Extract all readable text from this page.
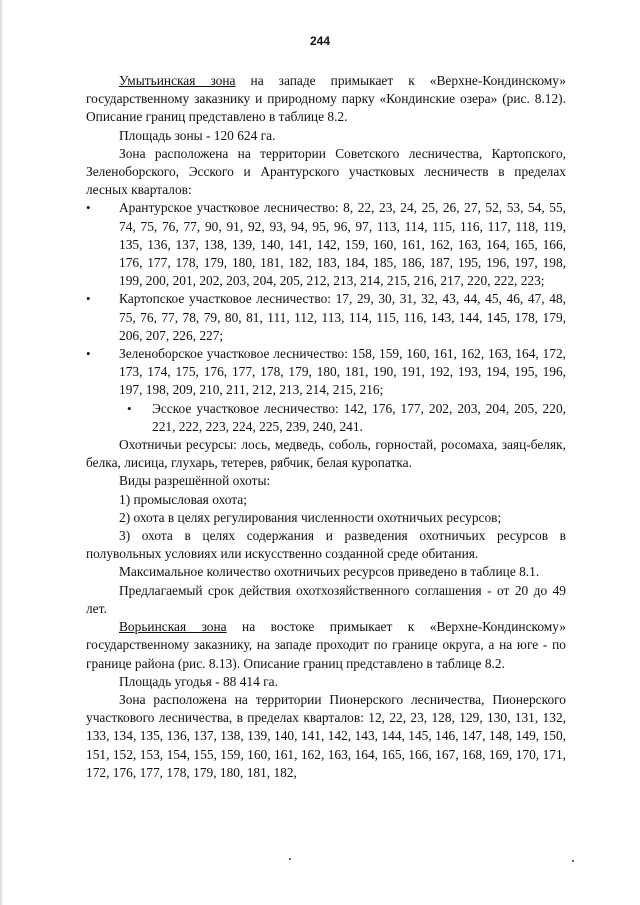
244

Умытьинская зона на западе примыкает к «Верхне-Кондинскому» государственному заказнику и природному парку «Кондинские озера» (рис. 8.12). Описание границ представлено в таблице 8.2.

Площадь зоны - 120 624 га.

Зона расположена на территории Советского лесничества, Картопского, Зеленоборского, Эсского и Арантурского участковых лесничеств в пределах лесных кварталов:

• Арантурское участковое лесничество: 8, 22, 23, 24, 25, 26, 27, 52, 53, 54, 55, 74, 75, 76, 77, 90, 91, 92, 93, 94, 95, 96, 97, 113, 114, 115, 116, 117, 118, 119, 135, 136, 137, 138, 139, 140, 141, 142, 159, 160, 161, 162, 163, 164, 165, 166, 176, 177, 178, 179, 180, 181, 182, 183, 184, 185, 186, 187, 195, 196, 197, 198, 199, 200, 201, 202, 203, 204, 205, 212, 213, 214, 215, 216, 217, 220, 222, 223;
• Картопское участковое лесничество: 17, 29, 30, 31, 32, 43, 44, 45, 46, 47, 48, 75, 76, 77, 78, 79, 80, 81, 111, 112, 113, 114, 115, 116, 143, 144, 145, 178, 179, 206, 207, 226, 227;
• Зеленоборское участковое лесничество: 158, 159, 160, 161, 162, 163, 164, 172, 173, 174, 175, 176, 177, 178, 179, 180, 181, 190, 191, 192, 193, 194, 195, 196, 197, 198, 209, 210, 211, 212, 213, 214, 215, 216;
• Эсское участковое лесничество: 142, 176, 177, 202, 203, 204, 205, 220, 221, 222, 223, 224, 225, 239, 240, 241.

Охотничьи ресурсы: лось, медведь, соболь, горностай, росомаха, заяц-беляк, белка, лисица, глухарь, тетерев, рябчик, белая куропатка.

Виды разрешённой охоты:

1) промысловая охота;

2) охота в целях регулирования численности охотничьих ресурсов;

3) охота в целях содержания и разведения охотничьих ресурсов в полувольных условиях или искусственно созданной среде обитания.

Максимальное количество охотничьих ресурсов приведено в таблице 8.1.

Предлагаемый срок действия охотхозяйственного соглашения - от 20 до 49 лет.

Ворьинская зона на востоке примыкает к «Верхне-Кондинскому» государственному заказнику, на западе проходит по границе округа, а на юге - по границе района (рис. 8.13). Описание границ представлено в таблице 8.2.

Площадь угодья - 88 414 га.

Зона расположена на территории Пионерского лесничества, Пионерского участкового лесничества, в пределах кварталов: 12, 22, 23, 128, 129, 130, 131, 132, 133, 134, 135, 136, 137, 138, 139, 140, 141, 142, 143, 144, 145, 146, 147, 148, 149, 150, 151, 152, 153, 154, 155, 159, 160, 161, 162, 163, 164, 165, 166, 167, 168, 169, 170, 171, 172, 176, 177, 178, 179, 180, 181, 182,
